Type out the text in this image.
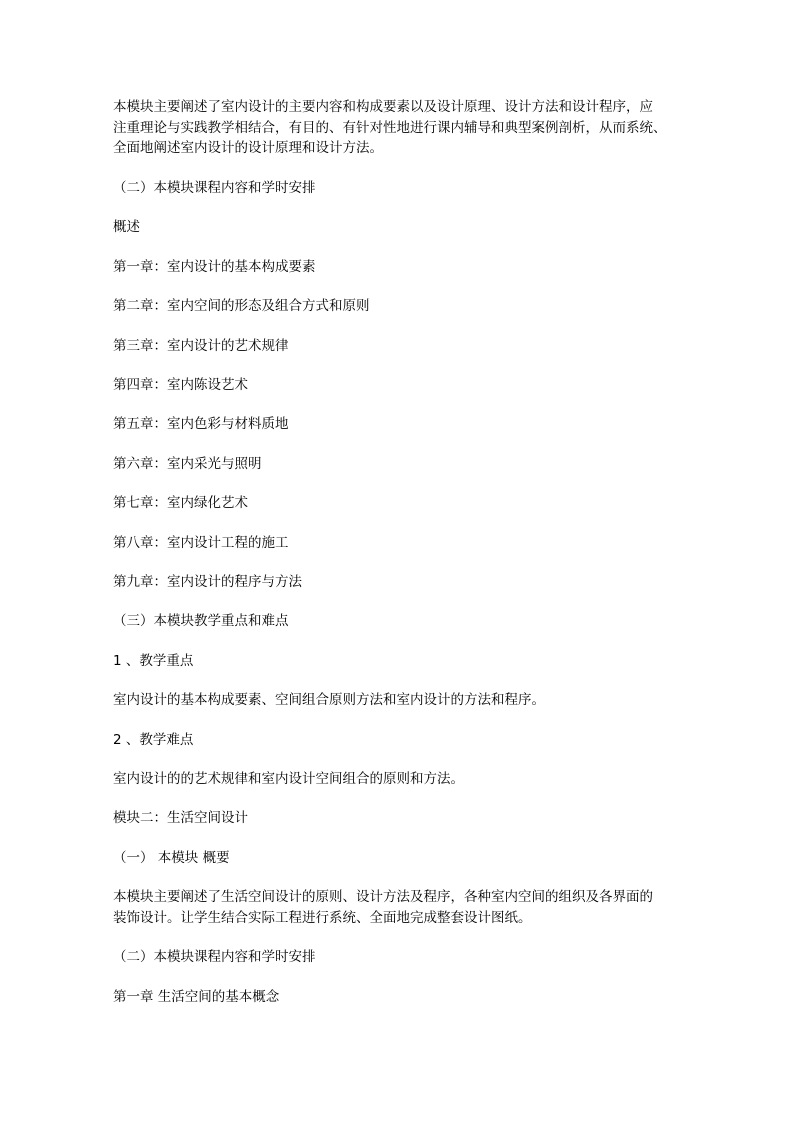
本模块主要阐述了室内设计的主要内容和构成要素以及设计原理、设计方法和设计程序，应
注重理论与实践教学相结合，有目的、有针对性地进行课内辅导和典型案例剖析，从而系统、
全面地阐述室内设计的设计原理和设计方法。
（二）本模块课程内容和学时安排
概述
第一章：室内设计的基本构成要素
第二章：室内空间的形态及组合方式和原则
第三章：室内设计的艺术规律
第四章：室内陈设艺术
第五章：室内色彩与材料质地
第六章：室内采光与照明
第七章：室内绿化艺术
第八章：室内设计工程的施工
第九章：室内设计的程序与方法
（三）本模块教学重点和难点
1 、教学重点
室内设计的基本构成要素、空间组合原则方法和室内设计的方法和程序。
2 、教学难点
室内设计的的艺术规律和室内设计空间组合的原则和方法。
模块二：生活空间设计
（一） 本模块 概要
本模块主要阐述了生活空间设计的原则、设计方法及程序，各种室内空间的组织及各界面的
装饰设计。让学生结合实际工程进行系统、全面地完成整套设计图纸。
（二）本模块课程内容和学时安排
第一章 生活空间的基本概念
